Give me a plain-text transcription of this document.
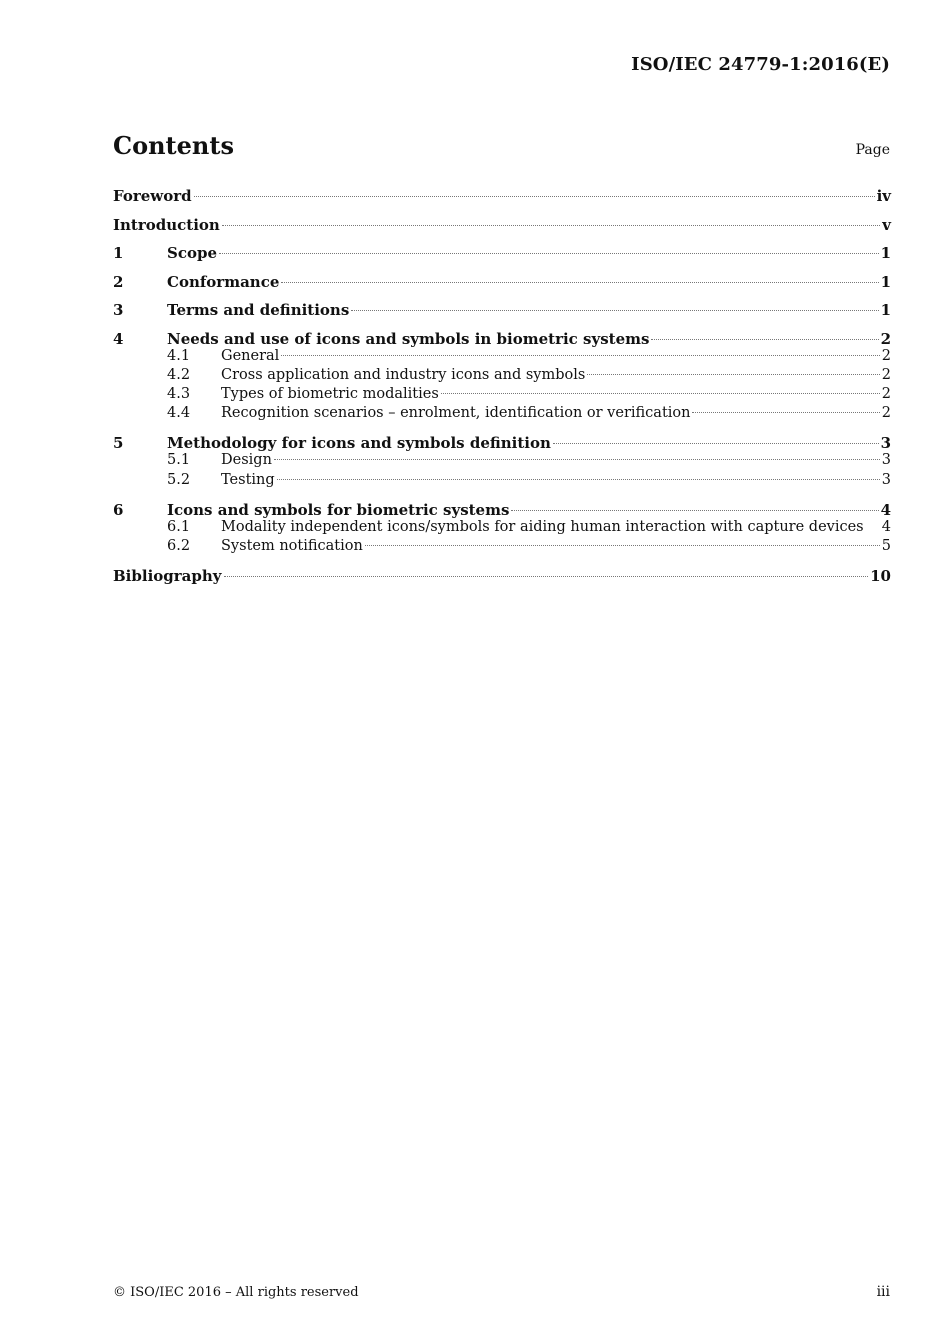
ISO/IEC 24779-1:2016(E)
Contents	Page
Foreword	iv
Introduction	v
1	Scope	1
2	Conformance	1
3	Terms and definitions	1
4	Needs and use of icons and symbols in biometric systems	2
4.1	General	2
4.2	Cross application and industry icons and symbols	2
4.3	Types of biometric modalities	2
4.4	Recognition scenarios – enrolment, identification or verification	2
5	Methodology for icons and symbols definition	3
5.1	Design	3
5.2	Testing	3
6	Icons and symbols for biometric systems	4
6.1	Modality independent icons/symbols for aiding human interaction with capture devices 4
6.2	System notification	5
Bibliography	10
© ISO/IEC 2016 – All rights reserved	iii
